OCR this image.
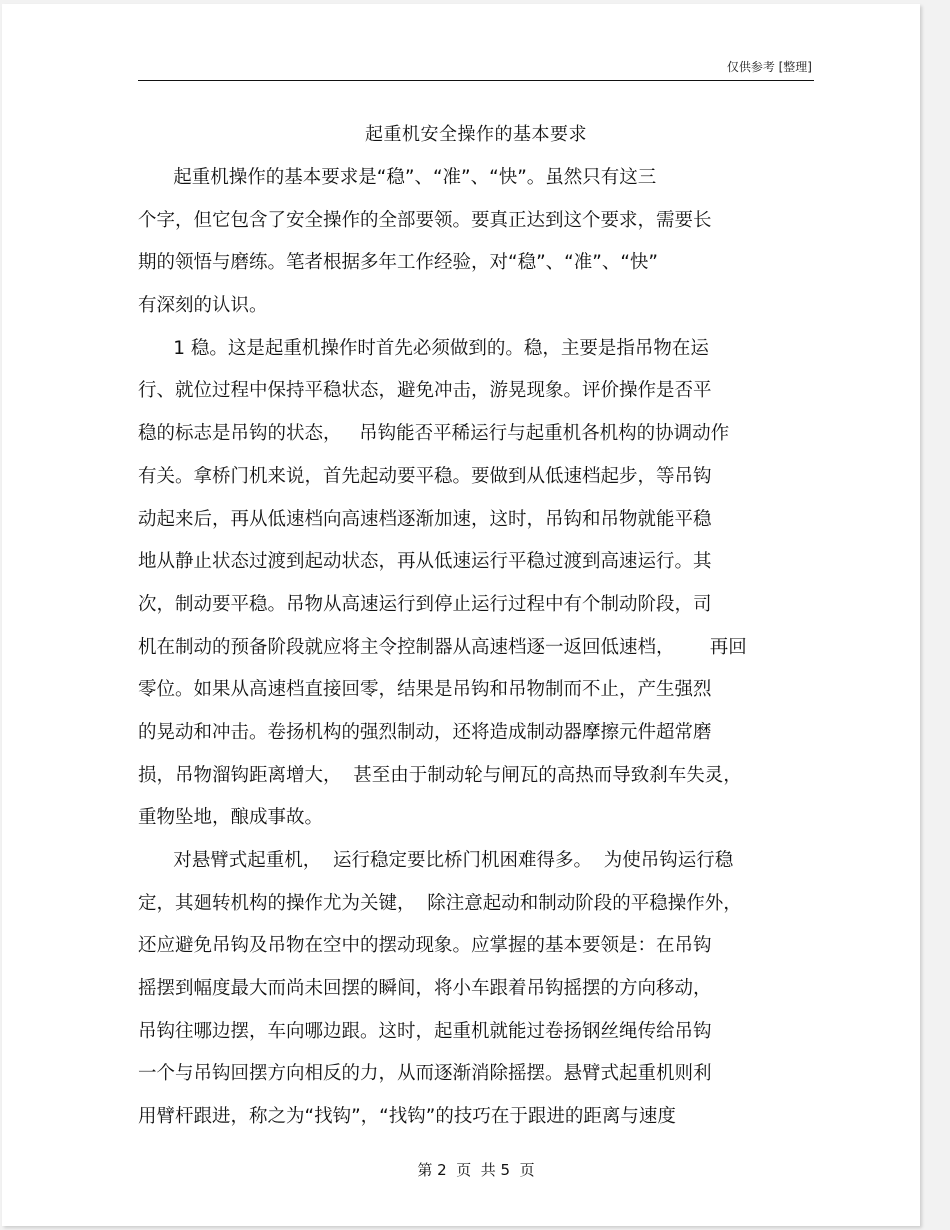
仅供参考 [整理]
起重机安全操作的基本要求
起重机操作的基本要求是“稳”、“准”、“快”。虽然只有这三
个字，但它包含了安全操作的全部要领。要真正达到这个要求，需要长
期的领悟与磨练。笔者根据多年工作经验，对“稳”、“准”、“快”
有深刻的认识。
1 稳。这是起重机操作时首先必须做到的。稳，主要是指吊物在运
行、就位过程中保持平稳状态，避免冲击，游晃现象。评价操作是否平
稳的标志是吊钩的状态，   吊钩能否平稀运行与起重机各机构的协调动作
有关。拿桥门机来说，首先起动要平稳。要做到从低速档起步，等吊钩
动起来后，再从低速档向高速档逐渐加速，这时，吊钩和吊物就能平稳
地从静止状态过渡到起动状态，再从低速运行平稳过渡到高速运行。其
次，制动要平稳。吊物从高速运行到停止运行过程中有个制动阶段，司
机在制动的预备阶段就应将主令控制器从高速档逐一返回低速档，      再回
零位。如果从高速档直接回零，结果是吊钩和吊物制而不止，产生强烈
的晃动和冲击。卷扬机构的强烈制动，还将造成制动器摩擦元件超常磨
损，吊物溜钩距离增大，  甚至由于制动轮与闸瓦的高热而导致刹车失灵，
重物坠地，酿成事故。
对悬臂式起重机，  运行稳定要比桥门机困难得多。  为使吊钩运行稳
定，其廻转机构的操作尤为关键，  除注意起动和制动阶段的平稳操作外，
还应避免吊钩及吊物在空中的摆动现象。应掌握的基本要领是：在吊钩
摇摆到幅度最大而尚未回摆的瞬间，将小车跟着吊钩摇摆的方向移动，
吊钩往哪边摆，车向哪边跟。这时，起重机就能过卷扬钢丝绳传给吊钩
一个与吊钩回摆方向相反的力，从而逐渐消除摇摆。悬臂式起重机则利
用臂杆跟进，称之为“找钩”，“找钩”的技巧在于跟进的距离与速度
第 2  页  共 5  页
